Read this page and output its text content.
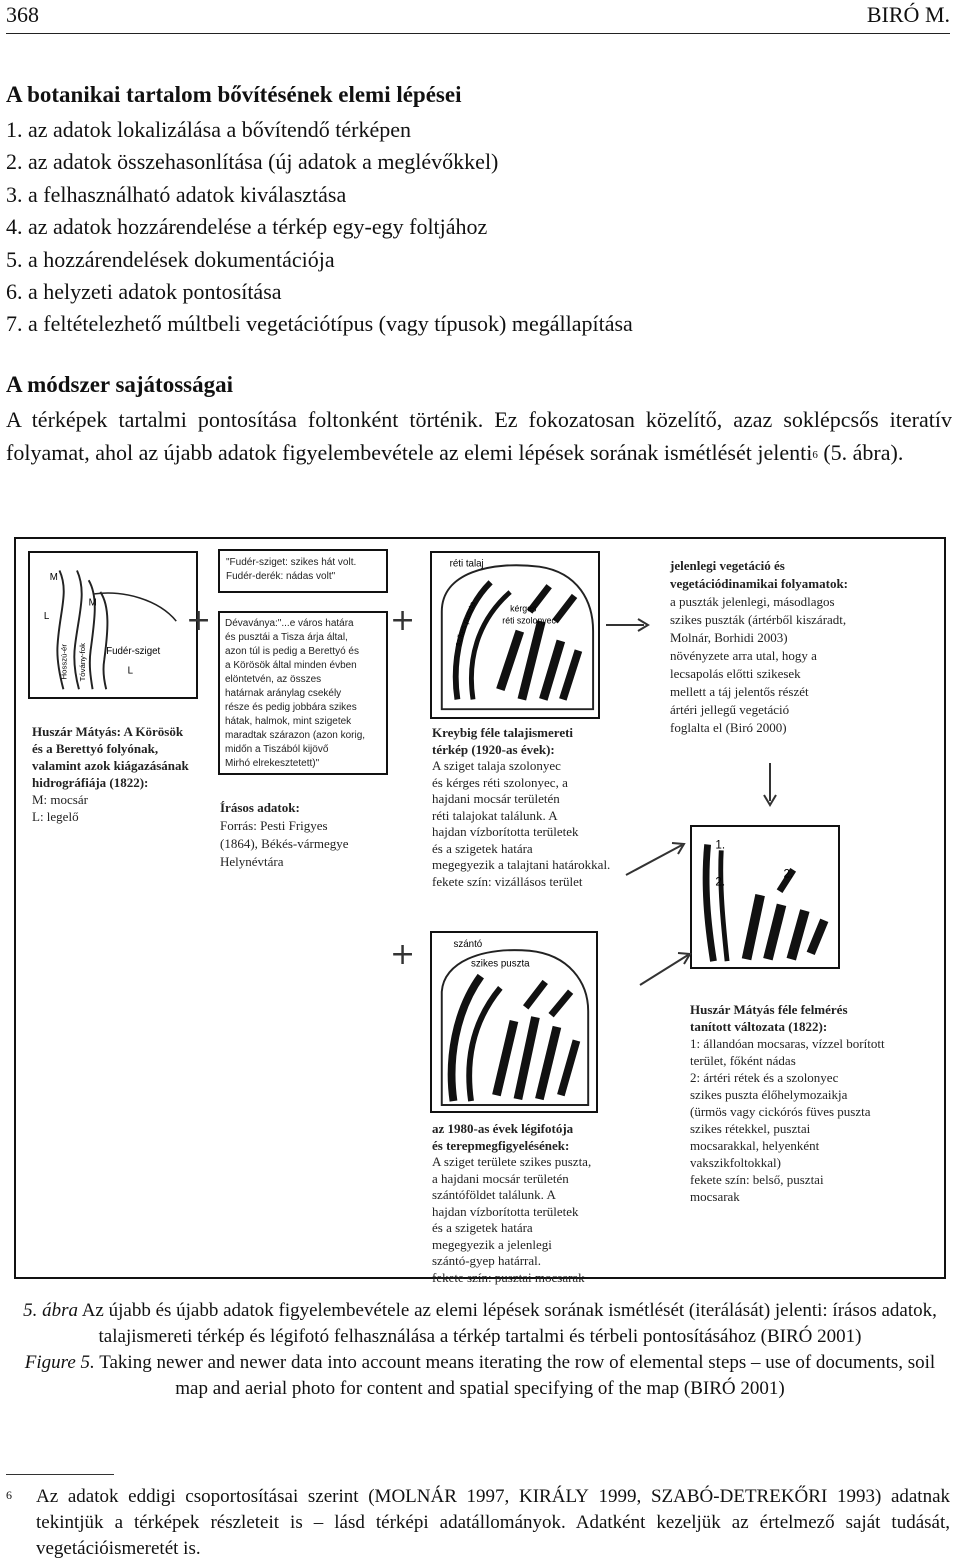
368	BIRÓ M.
A botanikai tartalom bővítésének elemi lépései
1. az adatok lokalizálása a bővítendő térképen
2. az adatok összehasonlítása (új adatok a meglévőkkel)
3. a felhasználható adatok kiválasztása
4. az adatok hozzárendelése a térkép egy-egy foltjához
5. a hozzárendelések dokumentációja
6. a helyzeti adatok pontosítása
7. a feltételezhető múltbeli vegetációtípus (vagy típusok) megállapítása
A módszer sajátosságai
A térképek tartalmi pontosítása foltonként történik. Ez fokozatosan közelítő, azaz soklépcsős iteratív folyamat, ahol az újabb adatok figyelembevétele az elemi lépések sorának ismétlését jelenti$^6$ (5. ábra).
M
M
L
Hosszú-ér Tóvány-fok Fudér-sziget
L
+
"Fudér-sziget: szikes hát volt.
Fudér-derék: nádas volt"
Dévaványa:"...e város határa
és pusztái a Tisza árja által,
azon túl is pedig a Berettyó és
a Körösök által minden évben
elöntetvén, az összes
határnak aránylag csekély
része és pedig jobbára szikes
hátak, halmok, mint szigetek
maradtak szárazon (azon korig,
midőn a Tiszából kijövő
Mirhó elrekesztetett)"
+
réti talaj
kérges
réti szolonyec
szikes puszta
jelenlegi vegetáció és
vegetációdinamikai folyamatok:
a puszták jelenlegi, másodlagos
szikes puszták (ártérből kiszáradt,
Molnár, Borhidi 2003)
növényzete arra utal, hogy a
lecsapolás előtti szikesek
mellett a táj jelentős részét
ártéri jellegű vegetáció
foglalta el (Biró 2000)
Huszár Mátyás: A Körösök
és a Berettyó folyónak,
valamint azok kiágazásának
hidrográfiája (1822):
M: mocsár
L: legelő
Írásos adatok:
Forrás: Pesti Frigyes
(1864), Békés-vármegye
Helynévtára
Kreybig féle talajismereti
térkép (1920-as évek):
A sziget talaja szolonyec
és kérges réti szolonyec, a
hajdani mocsár területén
réti talajokat találunk. A
hajdan vízborította területek
és a szigetek határa
megegyezik a talajtani határokkal.
fekete szín: vizállásos terület
1.
2.
2.
+	szántó
szikes puszta
az 1980-as évek légifotója
és terepmegfigyelésének:
A sziget területe szikes puszta,
a hajdani mocsár területén
szántóföldet találunk. A
hajdan vízborította területek
és a szigetek határa
megegyezik a jelenlegi
szántó-gyep határral.
fekete szín: pusztai mocsarak
Huszár Mátyás féle felmérés
tanított változata (1822):
1: állandóan mocsaras, vízzel borított
terület, főként nádas
2: ártéri rétek és a szolonyec
szikes puszta élőhelymozaikja
(ürmös vagy cickórós füves puszta
szikes rétekkel, pusztai
mocsarakkal, helyenként
vakszikfoltokkal)
fekete szín: belső, pusztai
mocsarak
5. ábra Az újabb és újabb adatok figyelembevétele az elemi lépések sorának ismétlését (iterálását) jelenti: írásos adatok, talajismereti térkép és légifotó felhasználása a térkép tartalmi és térbeli pontosításához (BIRÓ 2001)
Figure 5. Taking newer and newer data into account means iterating the row of elemental steps – use of documents, soil map and aerial photo for content and spatial specifying of the map (BIRÓ 2001)
6	Az adatok eddigi csoportosításai szerint (MOLNÁR 1997, KIRÁLY 1999, SZABÓ-DETREKŐRI 1993) adatnak tekintjük a térképek részleteit is – lásd térképi adatállományok. Adatként kezeljük az értelmező saját tudását, vegetációismeretét is.
